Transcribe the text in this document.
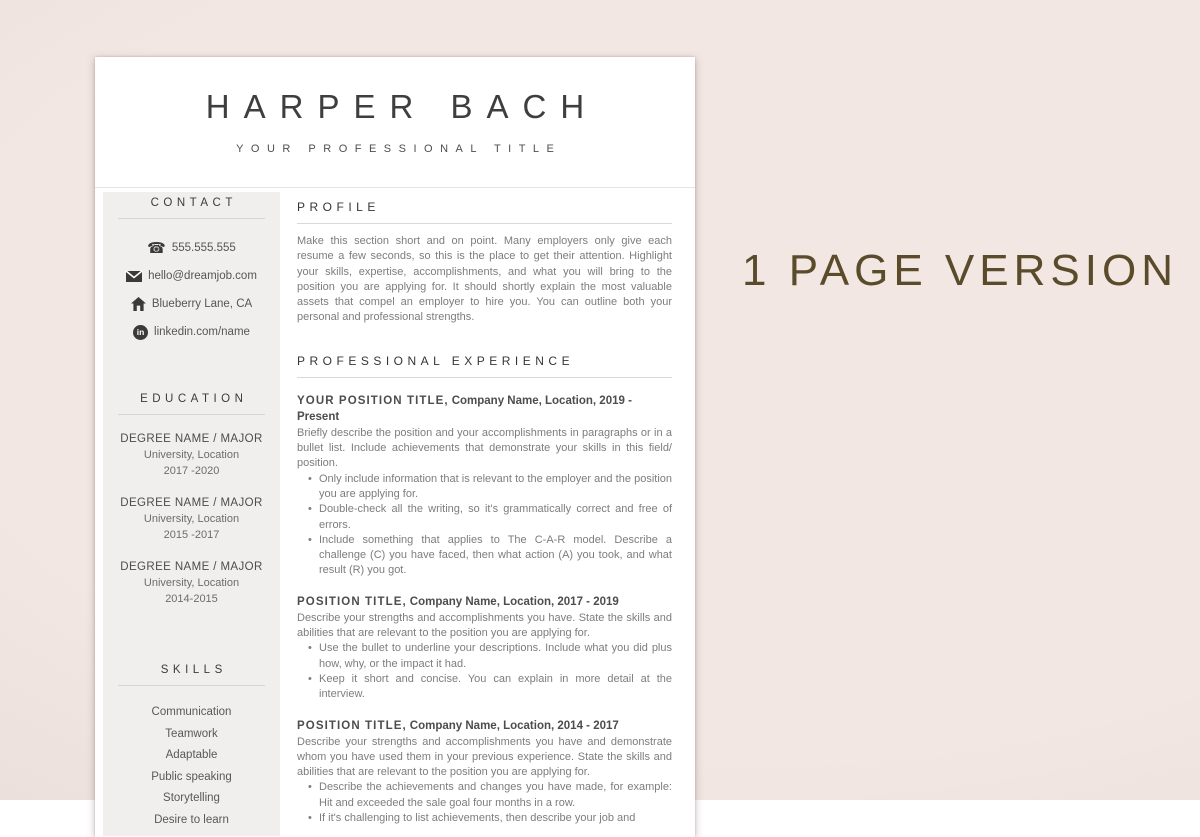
HARPER BACH
YOUR PROFESSIONAL TITLE
CONTACT
☎ 555.555.555
hello@dreamjob.com
Blueberry Lane, CA
in linkedin.com/name
EDUCATION
DEGREE NAME / MAJOR
University, Location
2017 -2020
DEGREE NAME / MAJOR
University, Location
2015 -2017
DEGREE NAME / MAJOR
University, Location
2014-2015
SKILLS
Communication
Teamwork
Adaptable
Public speaking
Storytelling
Desire to learn
PROFILE

Make this section short and on point. Many employers only give each resume a few seconds, so this is the place to get their attention. Highlight your skills, expertise, accomplishments, and what you will bring to the position you are applying for. It should shortly explain the most valuable assets that compel an employer to hire you. You can outline both your personal and professional strengths.

PROFESSIONAL EXPERIENCE
YOUR POSITION TITLE, Company Name, Location, 2019 - Present

Briefly describe the position and your accomplishments in paragraphs or in a bullet list. Include achievements that demonstrate your skills in this field/ position.

• Only include information that is relevant to the employer and the position you are applying for.
• Double-check all the writing, so it's grammatically correct and free of errors.
• Include something that applies to The C-A-R model. Describe a challenge (C) you have faced, then what action (A) you took, and what result (R) you got.
POSITION TITLE, Company Name, Location, 2017 - 2019

Describe your strengths and accomplishments you have. State the skills and abilities that are relevant to the position you are applying for.

• Use the bullet to underline your descriptions. Include what you did plus how, why, or the impact it had.
• Keep it short and concise. You can explain in more detail at the interview.
POSITION TITLE, Company Name, Location, 2014 - 2017

Describe your strengths and accomplishments you have and demonstrate whom you have used them in your previous experience. State the skills and abilities that are relevant to the position you are applying for.

• Describe the achievements and changes you have made, for example: Hit and exceeded the sale goal four months in a row.
• If it's challenging to list achievements, then describe your job and
1 PAGE VERSION
